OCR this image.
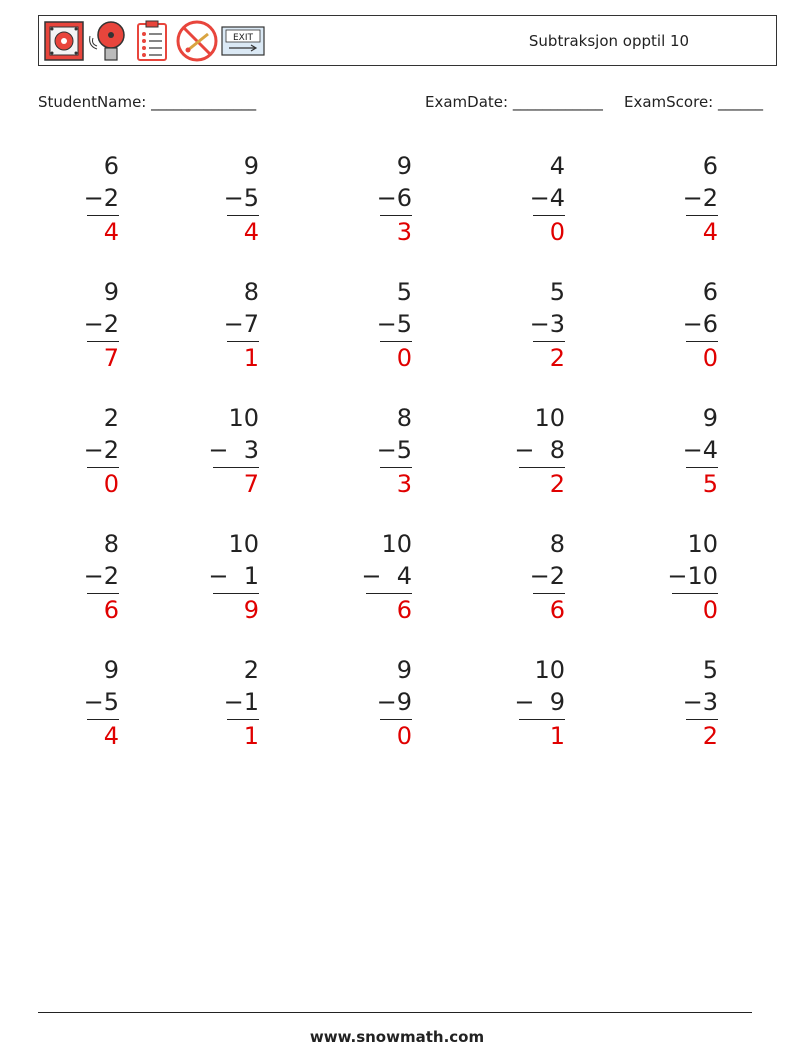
EXIT	Subtraksjon opptil 10
StudentName: ______________	ExamDate: ____________ ExamScore: ______
6
−2
4
9
−5
4
9
−6
3
4
−4
0
6
−2
4
9
−2
7
8
−7
1
5
−5
0
5
−3
2
6
−6
0
2
−2
0
10
−  3
7
8
−5
3
10
−  8
2
9
−4
5
8
−2
6
10
−  1
9
10
−  4
6
8
−2
6
10
−10
0
9
−5
4
2
−1
1
9
−9
0
10
−  9
1
5
−3
2
www.snowmath.com
